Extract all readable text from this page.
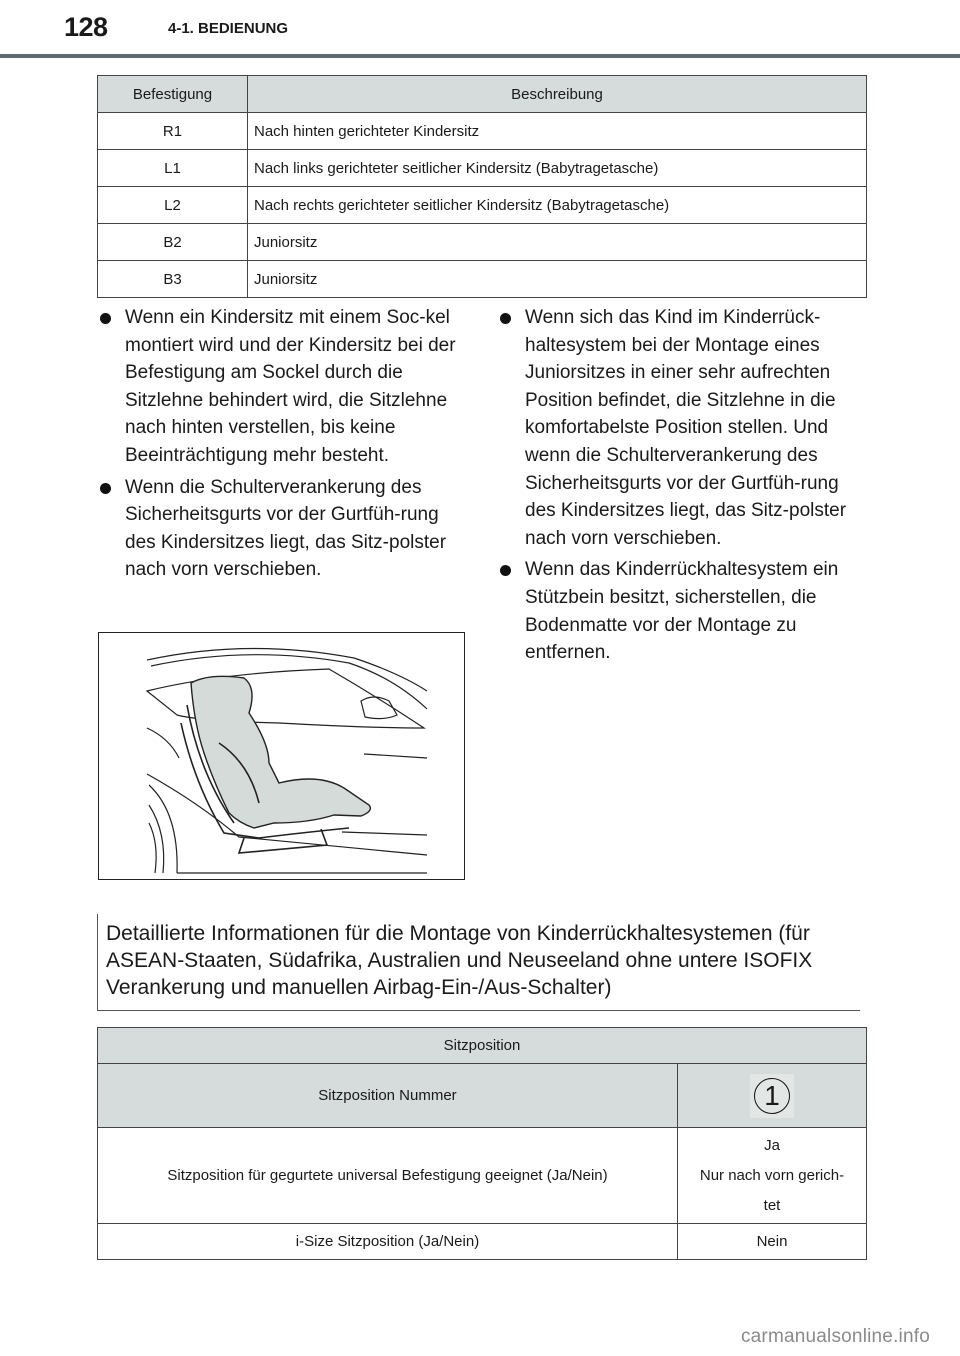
128	4-1. BEDIENUNG
Befestigung	Beschreibung
R1	Nach hinten gerichteter Kindersitz
L1	Nach links gerichteter seitlicher Kindersitz (Babytragetasche)
L2	Nach rechts gerichteter seitlicher Kindersitz (Babytragetasche)
B2	Juniorsitz
B3	Juniorsitz
Wenn ein Kindersitz mit einem Soc-kel montiert wird und der Kindersitz bei der Befestigung am Sockel durch die Sitzlehne behindert wird, die Sitzlehne nach hinten verstellen, bis keine Beeinträchtigung mehr besteht.
Wenn die Schulterverankerung des Sicherheitsgurts vor der Gurtfüh-rung des Kindersitzes liegt, das Sitz-polster nach vorn verschieben.
Wenn sich das Kind im Kinderrück-haltesystem bei der Montage eines Juniorsitzes in einer sehr aufrechten Position befindet, die Sitzlehne in die komfortabelste Position stellen. Und wenn die Schulterverankerung des Sicherheitsgurts vor der Gurtfüh-rung des Kindersitzes liegt, das Sitz-polster nach vorn verschieben.
Wenn das Kinderrückhaltesystem ein Stützbein besitzt, sicherstellen, die Bodenmatte vor der Montage zu entfernen.
Detaillierte Informationen für die Montage von Kinderrückhaltesystemen (für ASEAN-Staaten, Südafrika, Australien und Neuseeland ohne untere ISOFIX Verankerung und manuellen Airbag-Ein-/Aus-Schalter)
Sitzposition	
Sitzposition Nummer	1

Sitzposition für gegurtete universal Befestigung geeignet (Ja/Nein)	Ja
Nur nach vorn gerich-
tet

i-Size Sitzposition (Ja/Nein)	Nein
carmanualsonline.info
